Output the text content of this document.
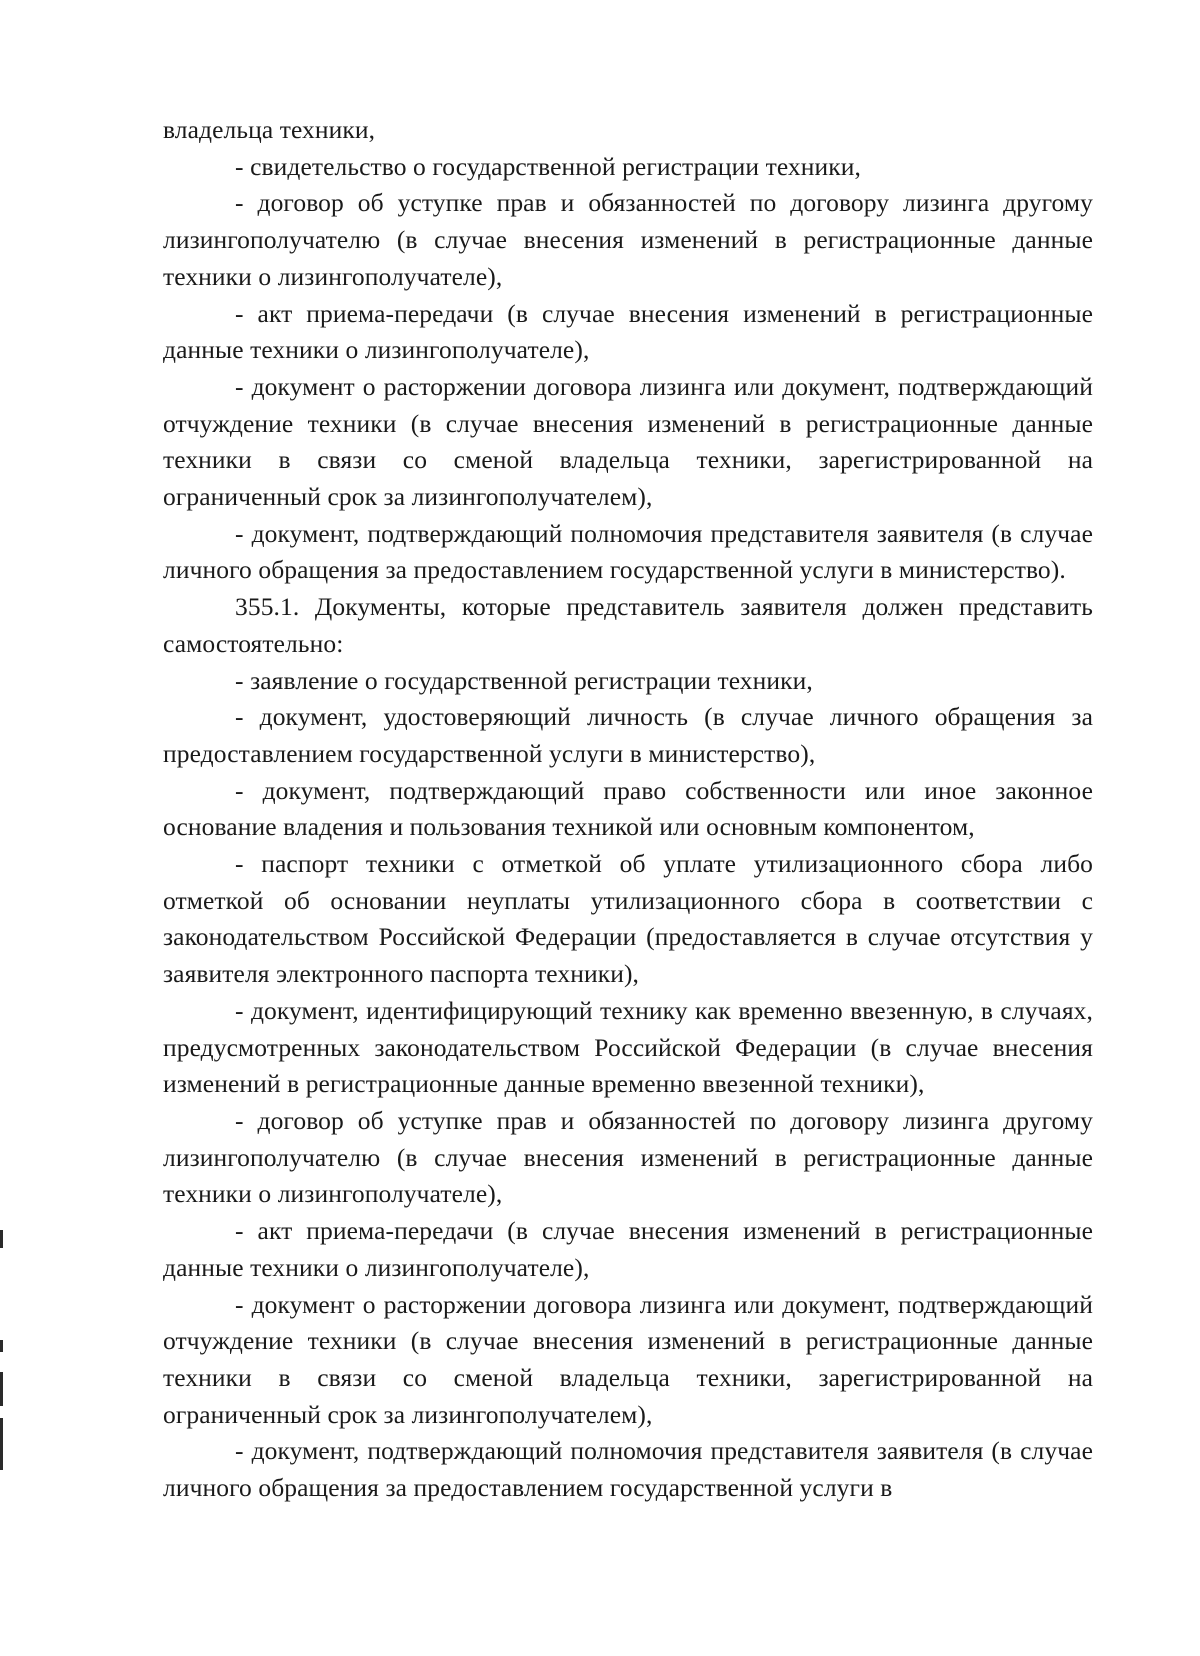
владельца техники,

- свидетельство о государственной регистрации техники,

- договор об уступке прав и обязанностей по договору лизинга другому лизингополучателю (в случае внесения изменений в регистрационные данные техники о лизингополучателе),

- акт приема-передачи (в случае внесения изменений в регистрационные данные техники о лизингополучателе),

- документ о расторжении договора лизинга или документ, подтверждающий отчуждение техники (в случае внесения изменений в регистрационные данные техники в связи со сменой владельца техники, зарегистрированной на ограниченный срок за лизингополучателем),

- документ, подтверждающий полномочия представителя заявителя (в случае личного обращения за предоставлением государственной услуги в министерство).

355.1. Документы, которые представитель заявителя должен представить самостоятельно:

- заявление о государственной регистрации техники,

- документ, удостоверяющий личность (в случае личного обращения за предоставлением государственной услуги в министерство),

- документ, подтверждающий право собственности или иное законное основание владения и пользования техникой или основным компонентом,

- паспорт техники с отметкой об уплате утилизационного сбора либо отметкой об основании неуплаты утилизационного сбора в соответствии с законодательством Российской Федерации (предоставляется в случае отсутствия у заявителя электронного паспорта техники),

- документ, идентифицирующий технику как временно ввезенную, в случаях, предусмотренных законодательством Российской Федерации (в случае внесения изменений в регистрационные данные временно ввезенной техники),

- договор об уступке прав и обязанностей по договору лизинга другому лизингополучателю (в случае внесения изменений в регистрационные данные техники о лизингополучателе),

- акт приема-передачи (в случае внесения изменений в регистрационные данные техники о лизингополучателе),

- документ о расторжении договора лизинга или документ, подтверждающий отчуждение техники (в случае внесения изменений в регистрационные данные техники в связи со сменой владельца техники, зарегистрированной на ограниченный срок за лизингополучателем),

- документ, подтверждающий полномочия представителя заявителя (в случае личного обращения за предоставлением государственной услуги в
